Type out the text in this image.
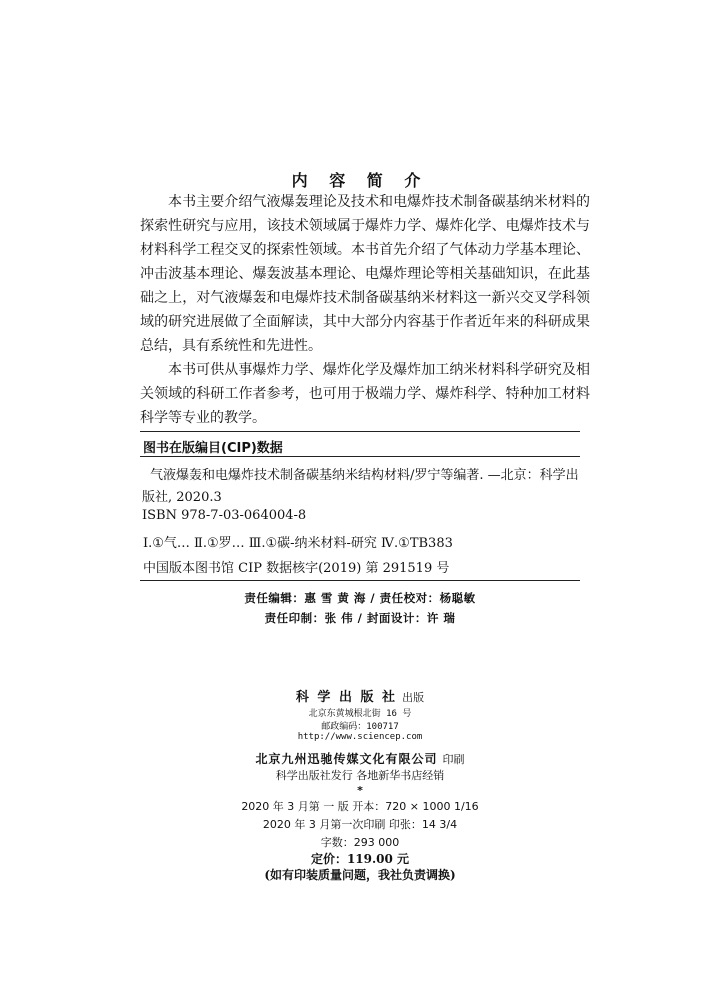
内 容 简 介
本书主要介绍气液爆轰理论及技术和电爆炸技术制备碳基纳米材料的
探索性研究与应用，该技术领域属于爆炸力学、爆炸化学、电爆炸技术与
材料科学工程交叉的探索性领域。本书首先介绍了气体动力学基本理论、
冲击波基本理论、爆轰波基本理论、电爆炸理论等相关基础知识，在此基
础之上，对气液爆轰和电爆炸技术制备碳基纳米材料这一新兴交叉学科领
域的研究进展做了全面解读，其中大部分内容基于作者近年来的科研成果
总结，具有系统性和先进性。
本书可供从事爆炸力学、爆炸化学及爆炸加工纳米材料科学研究及相
关领域的科研工作者参考，也可用于极端力学、爆炸科学、特种加工材料
科学等专业的教学。
图书在版编目(CIP)数据
气液爆轰和电爆炸技术制备碳基纳米结构材料/罗宁等编著. —北京：科学出
版社, 2020.3
ISBN 978-7-03-064004-8
Ⅰ.①气… Ⅱ.①罗… Ⅲ.①碳-纳米材料-研究 Ⅳ.①TB383
中国版本图书馆 CIP 数据核字(2019) 第 291519 号
责任编辑：惠 雪 黄 海 / 责任校对：杨聪敏
责任印制：张 伟 / 封面设计：许 瑞
科 学 出 版 社 出版
北京东黄城根北街 16 号
邮政编码：100717
http://www.sciencep.com
北京九州迅驰传媒文化有限公司 印刷
科学出版社发行 各地新华书店经销
*
2020 年 3 月第 一 版 开本：720 × 1000 1/16
2020 年 3 月第一次印刷 印张：14 3/4
字数：293 000
定价：119.00 元
(如有印装质量问题，我社负责调换)
